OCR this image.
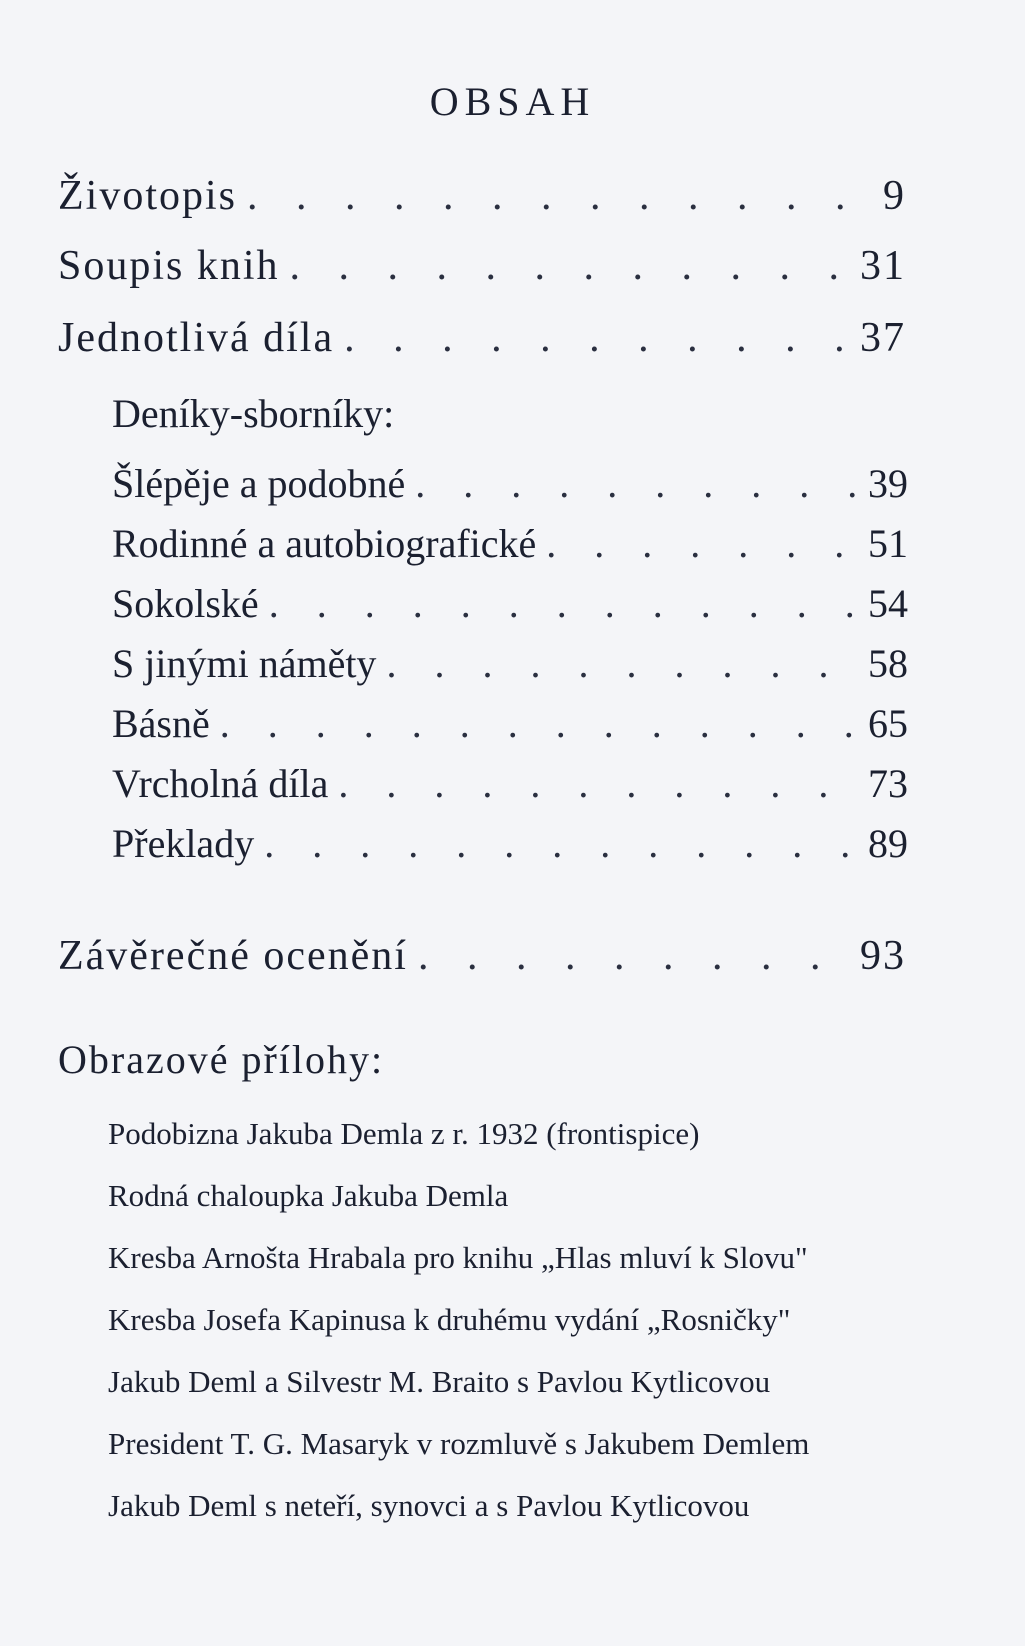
OBSAH
Životopis . . .	9
Soupis knih . . .	31
Jednotlivá díla . . .	37
Deníky-sborníky:
Šlépěje a podobné . . .	39
Rodinné a autobiografické . . .	51
Sokolské . . .	54
S jinými náměty . . .	58
Básně . . .	65
Vrcholná díla . . .	73
Překlady . . .	89
Závěrečné ocenění . . .	93
Obrazové přílohy:
Podobizna Jakuba Demla z r. 1932 (frontispice)
Rodná chaloupka Jakuba Demla
Kresba Arnošta Hrabala pro knihu „Hlas mluví k Slovu"
Kresba Josefa Kapinusa k druhému vydání „Rosničky"
Jakub Deml a Silvestr M. Braito s Pavlou Kytlicovou
President T. G. Masaryk v rozmluvě s Jakubem Demlem
Jakub Deml s neteří, synovci a s Pavlou Kytlicovou
